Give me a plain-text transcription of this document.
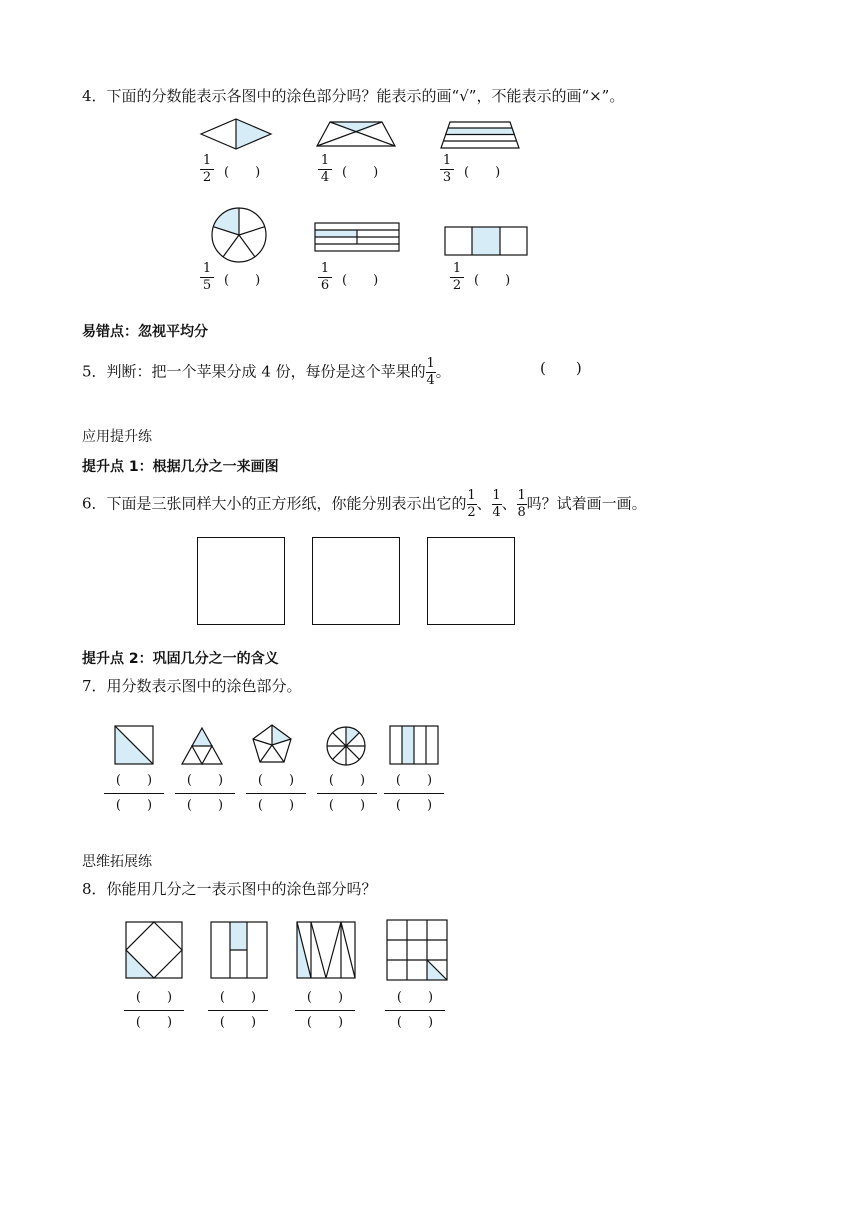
4．下面的分数能表示各图中的涂色部分吗？能表示的画“√”，不能表示的画“×”。
1
2 (　　)
1
4 (　　)
1
3 (　　)
1
5 (　　)
1
6 (　　)
1
2 (　　)
易错点：忽视平均分
5．判断：把一个苹果分成 4 份，每份是这个苹果的$\frac{1}{4}$。	(　　)
应用提升练
提升点 1：根据几分之一来画图
6．下面是三张同样大小的正方形纸，你能分别表示出它的$\frac{1}{2}$、$\frac{1}{4}$、$\frac{1}{8}$吗？试着画一画。
提升点 2：巩固几分之一的含义
7．用分数表示图中的涂色部分。
(　　)
(　　)
(　　)
(　　)
(　　)
(　　)
(　　)
(　　)
(　　)
(　　)
思维拓展练
8．你能用几分之一表示图中的涂色部分吗？
(　　)
(　　)
(　　)
(　　)
(　　)
(　　)
(　　)
(　　)
